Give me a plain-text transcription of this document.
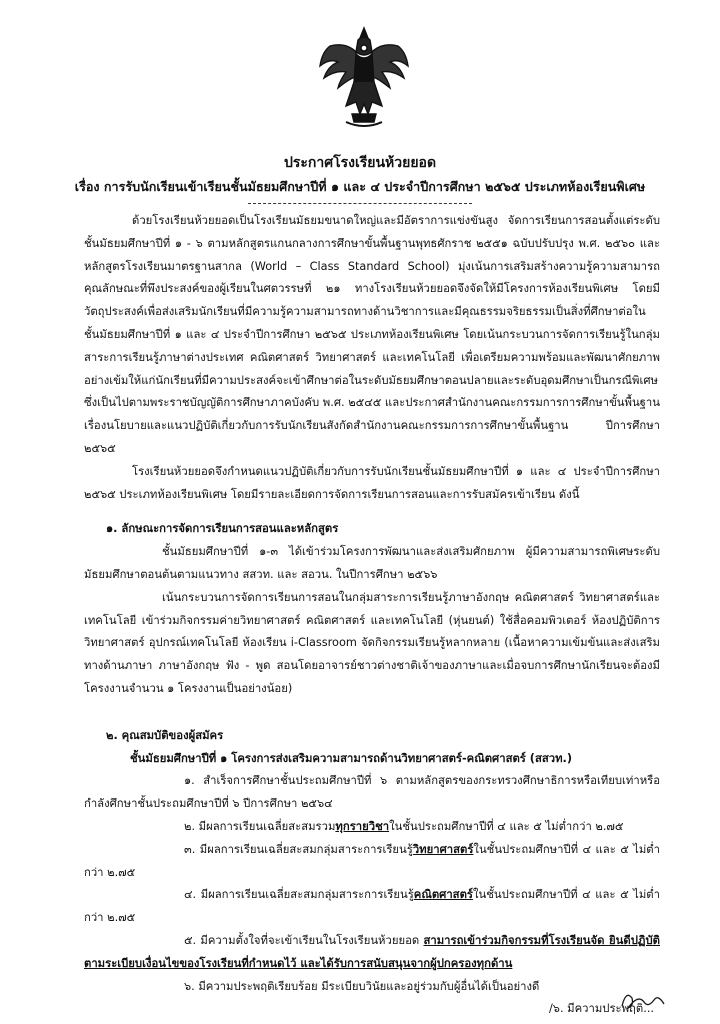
ประกาศโรงเรียนห้วยยอด
เรื่อง การรับนักเรียนเข้าเรียนชั้นมัธยมศึกษาปีที่ ๑ และ ๔ ประจำปีการศึกษา ๒๕๖๕ ประเภทห้องเรียนพิเศษ

ด้วยโรงเรียนห้วยยอดเป็นโรงเรียนมัธยมขนาดใหญ่และมีอัตราการแข่งขันสูง จัดการเรียนการสอนตั้งแต่ระดับชั้นมัธยมศึกษาปีที่ ๑ - ๖ ตามหลักสูตรแกนกลางการศึกษาขั้นพื้นฐานพุทธศักราช ๒๕๕๑ ฉบับปรับปรุง พ.ศ. ๒๕๖๐ และหลักสูตรโรงเรียนมาตรฐานสากล (World – Class Standard School) มุ่งเน้นการเสริมสร้างความรู้ความสามารถ คุณลักษณะที่พึงประสงค์ของผู้เรียนในศตวรรษที่ ๒๑ ทางโรงเรียนห้วยยอดจึงจัดให้มีโครงการห้องเรียนพิเศษ โดยมีวัตถุประสงค์เพื่อส่งเสริมนักเรียนที่มีความรู้ความสามารถทางด้านวิชาการและมีคุณธรรมจริยธรรมเป็นสิ่งที่ศึกษาต่อในชั้นมัธยมศึกษาปีที่ ๑ และ ๔ ประจำปีการศึกษา ๒๕๖๕ ประเภทห้องเรียนพิเศษ โดยเน้นกระบวนการจัดการเรียนรู้ในกลุ่มสาระการเรียนรู้ภาษาต่างประเทศ คณิตศาสตร์ วิทยาศาสตร์ และเทคโนโลยี เพื่อเตรียมความพร้อมและพัฒนาศักยภาพอย่างเข้มให้แก่นักเรียนที่มีความประสงค์จะเข้าศึกษาต่อในระดับมัธยมศึกษาตอนปลายและระดับอุดมศึกษาเป็นกรณีพิเศษ ซึ่งเป็นไปตามพระราชบัญญัติการศึกษาภาคบังคับ พ.ศ. ๒๕๔๕ และประกาศสำนักงานคณะกรรมการการศึกษาขั้นพื้นฐาน เรื่องนโยบายและแนวปฏิบัติเกี่ยวกับการรับนักเรียนสังกัดสำนักงานคณะกรรมการการศึกษาขั้นพื้นฐาน ปีการศึกษา ๒๕๖๕

โรงเรียนห้วยยอดจึงกำหนดแนวปฏิบัติเกี่ยวกับการรับนักเรียนชั้นมัธยมศึกษาปีที่ ๑ และ ๔ ประจำปีการศึกษา ๒๕๖๕ ประเภทห้องเรียนพิเศษ โดยมีรายละเอียดการจัดการเรียนการสอนและการรับสมัครเข้าเรียน ดังนี้

๑. ลักษณะการจัดการเรียนการสอนและหลักสูตร

ชั้นมัธยมศึกษาปีที่ ๑-๓ ได้เข้าร่วมโครงการพัฒนาและส่งเสริมศักยภาพ ผู้มีความสามารถพิเศษระดับมัธยมศึกษาตอนต้นตามแนวทาง สสวท. และ สอวน. ในปีการศึกษา ๒๕๖๖

เน้นกระบวนการจัดการเรียนการสอนในกลุ่มสาระการเรียนรู้ภาษาอังกฤษ คณิตศาสตร์ วิทยาศาสตร์และเทคโนโลยี เข้าร่วมกิจกรรมค่ายวิทยาศาสตร์ คณิตศาสตร์ และเทคโนโลยี (หุ่นยนต์) ใช้สื่อคอมพิวเตอร์ ห้องปฏิบัติการวิทยาศาสตร์ อุปกรณ์เทคโนโลยี ห้องเรียน i-Classroom จัดกิจกรรมเรียนรู้หลากหลาย (เนื้อหาความเข้มข้นและส่งเสริมทางด้านภาษา ภาษาอังกฤษ ฟัง - พูด สอนโดยอาจารย์ชาวต่างชาติเจ้าของภาษาและเมื่อจบการศึกษานักเรียนจะต้องมีโครงงานจำนวน ๑ โครงงานเป็นอย่างน้อย)

๒. คุณสมบัติของผู้สมัคร

ชั้นมัธยมศึกษาปีที่ ๑ โครงการส่งเสริมความสามารถด้านวิทยาศาสตร์-คณิตศาสตร์ (สสวท.)

๑. สำเร็จการศึกษาชั้นประถมศึกษาปีที่ ๖ ตามหลักสูตรของกระทรวงศึกษาธิการหรือเทียบเท่าหรือกำลังศึกษาชั้นประถมศึกษาปีที่ ๖ ปีการศึกษา ๒๕๖๔

๒. มีผลการเรียนเฉลี่ยสะสมรวมทุกรายวิชาในชั้นประถมศึกษาปีที่ ๔ และ ๕ ไม่ต่ำกว่า ๒.๗๕

๓. มีผลการเรียนเฉลี่ยสะสมกลุ่มสาระการเรียนรู้วิทยาศาสตร์ในชั้นประถมศึกษาปีที่ ๔ และ ๕ ไม่ต่ำกว่า ๒.๗๕

๔. มีผลการเรียนเฉลี่ยสะสมกลุ่มสาระการเรียนรู้คณิตศาสตร์ในชั้นประถมศึกษาปีที่ ๔ และ ๕ ไม่ต่ำกว่า ๒.๗๕

๕. มีความตั้งใจที่จะเข้าเรียนในโรงเรียนห้วยยอด สามารถเข้าร่วมกิจกรรมที่โรงเรียนจัด ยินดีปฏิบัติตามระเบียบเงื่อนไขของโรงเรียนที่กำหนดไว้ และได้รับการสนับสนุนจากผู้ปกครองทุกด้าน

๖. มีความประพฤติเรียบร้อย มีระเบียบวินัยและอยู่ร่วมกับผู้อื่นได้เป็นอย่างดี

/๖. มีความประพฤติ...
